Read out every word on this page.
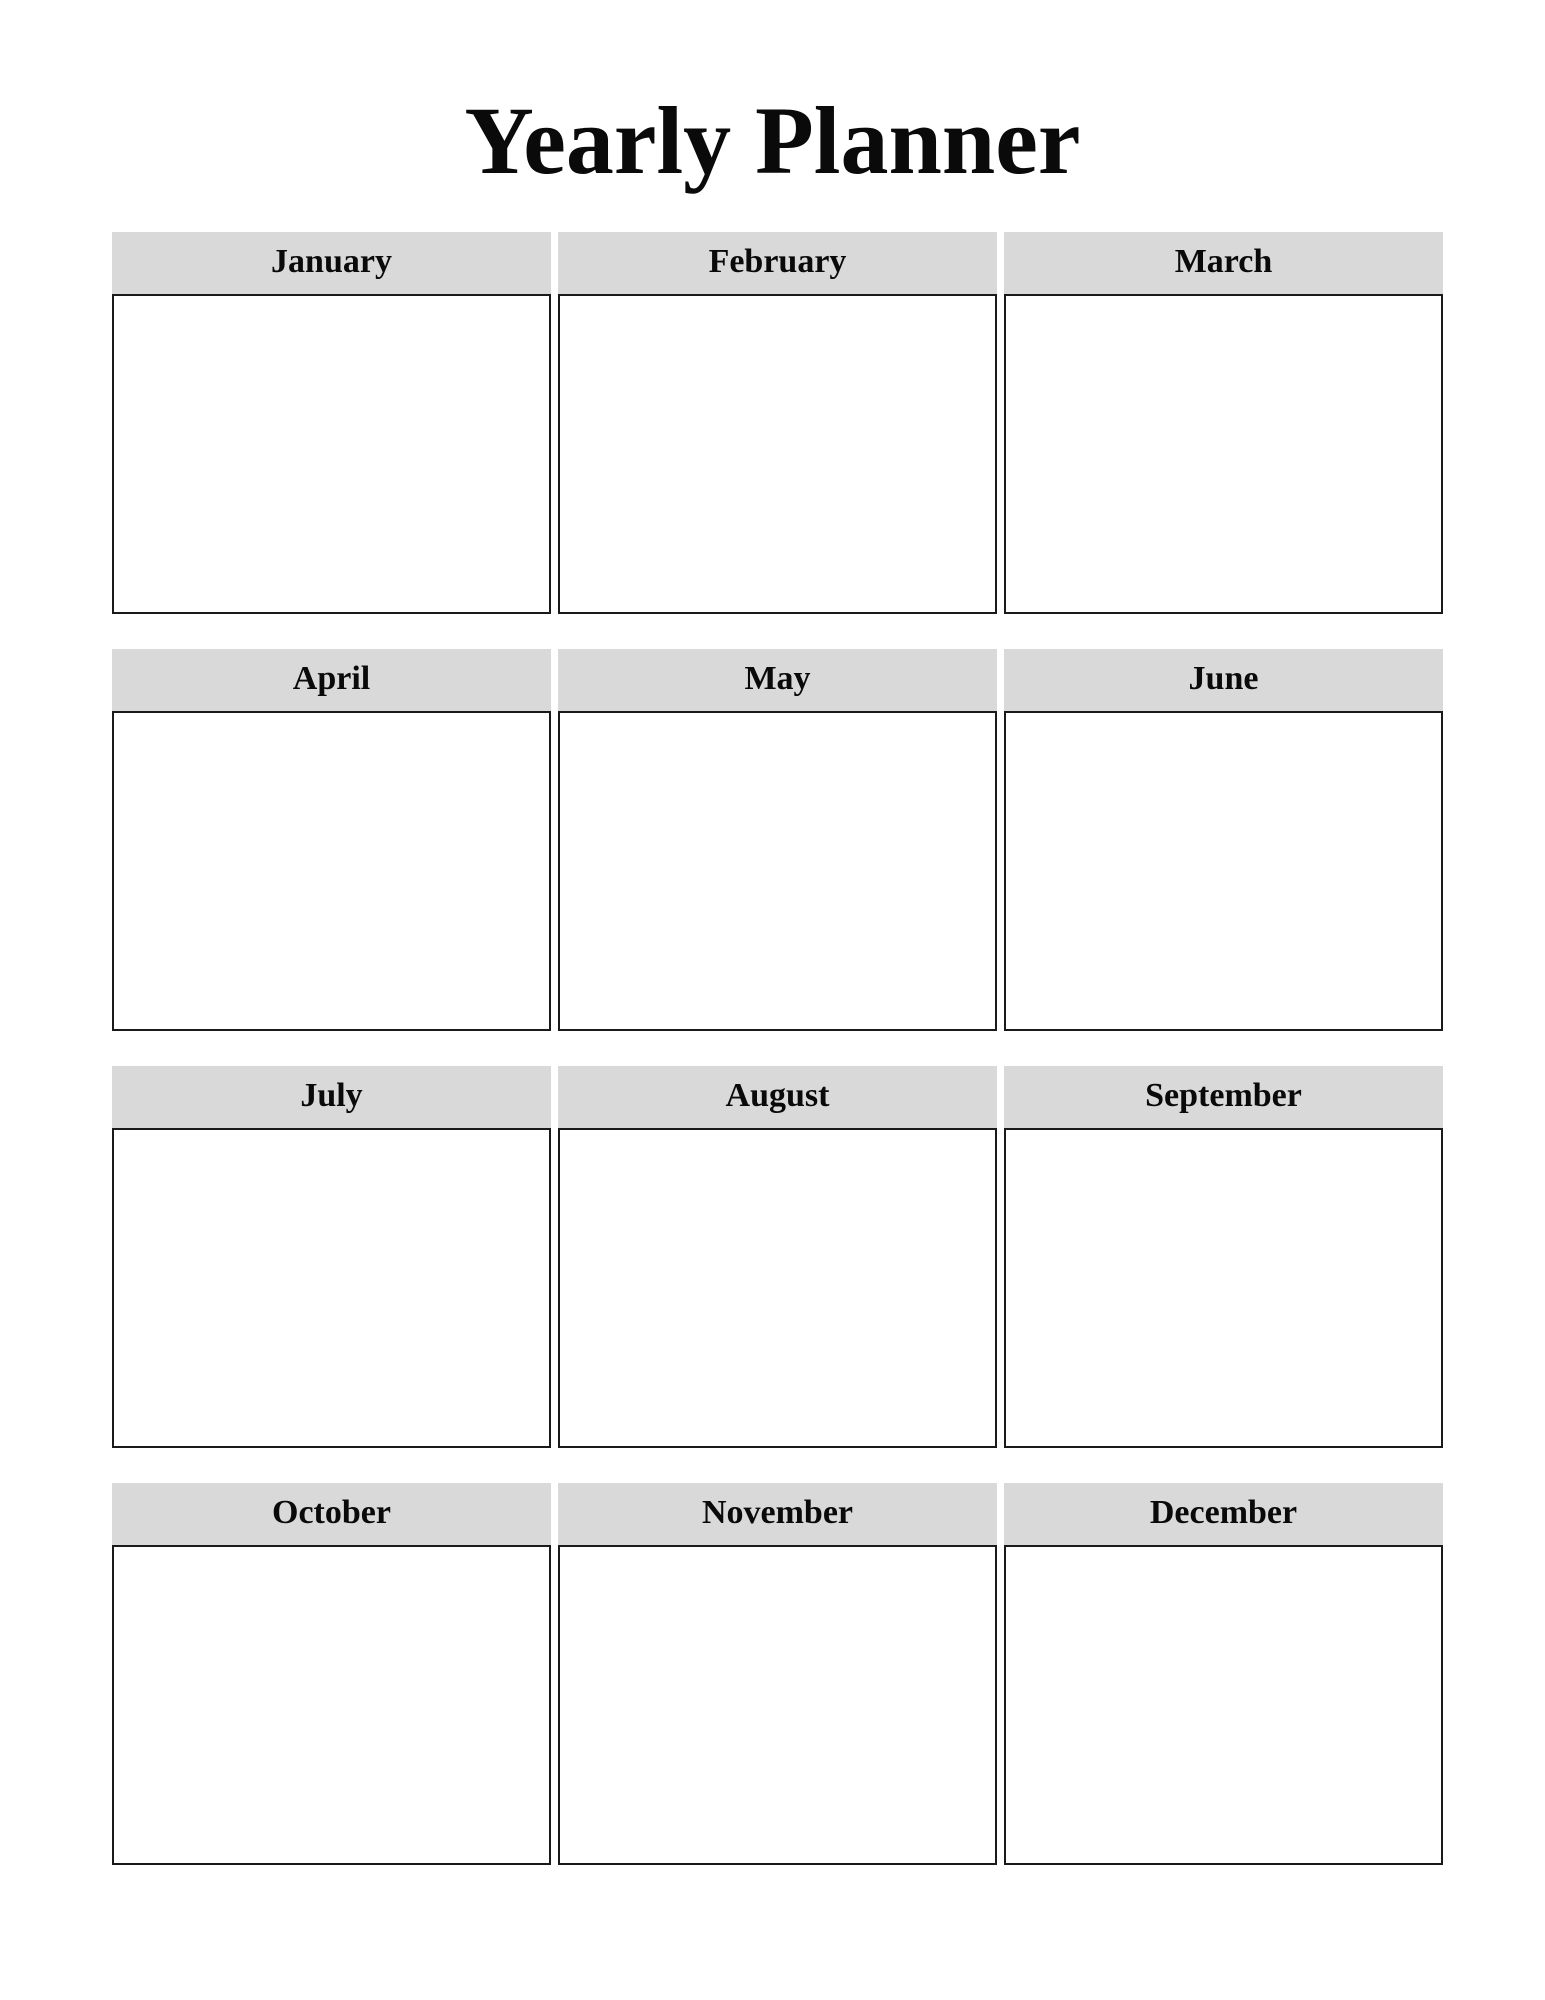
Yearly Planner
January	February	March
April	May	June
July	August	September
October	November	December
